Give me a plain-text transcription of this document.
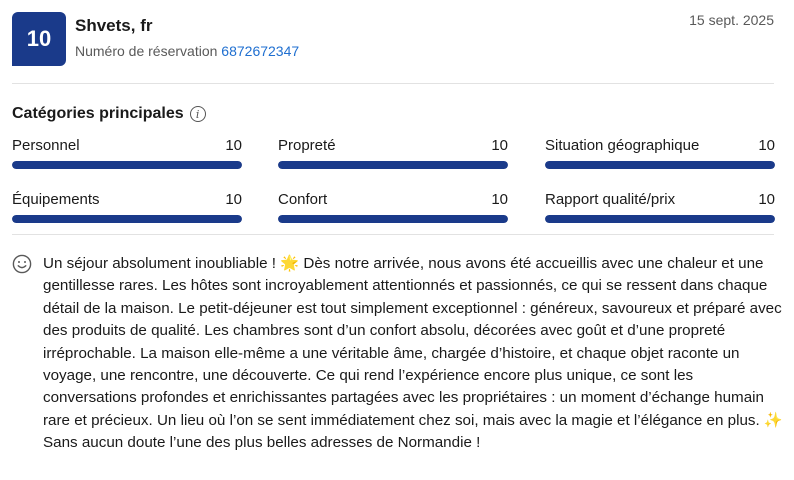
10
Shvets, fr
Numéro de réservation 6872672347
15 sept. 2025
Catégories principales	i
Personnel	10 Propreté	10 Situation géographique	10
Équipements	10 Confort	10 Rapport qualité/prix	10
Un séjour absolument inoubliable ! 🌟 Dès notre arrivée, nous avons été accueillis avec une chaleur et une gentillesse rares. Les hôtes sont incroyablement attentionnés et passionnés, ce qui se ressent dans chaque détail de la maison. Le petit-déjeuner est tout simplement exceptionnel : généreux, savoureux et préparé avec des produits de qualité. Les chambres sont d’un confort absolu, décorées avec goût et d’une propreté irréprochable. La maison elle-même a une véritable âme, chargée d’histoire, et chaque objet raconte un voyage, une rencontre, une découverte. Ce qui rend l’expérience encore plus unique, ce sont les conversations profondes et enrichissantes partagées avec les propriétaires : un moment d’échange humain rare et précieux. Un lieu où l’on se sent immédiatement chez soi, mais avec la magie et l’élégance en plus. ✨ Sans aucun doute l’une des plus belles adresses de Normandie !
